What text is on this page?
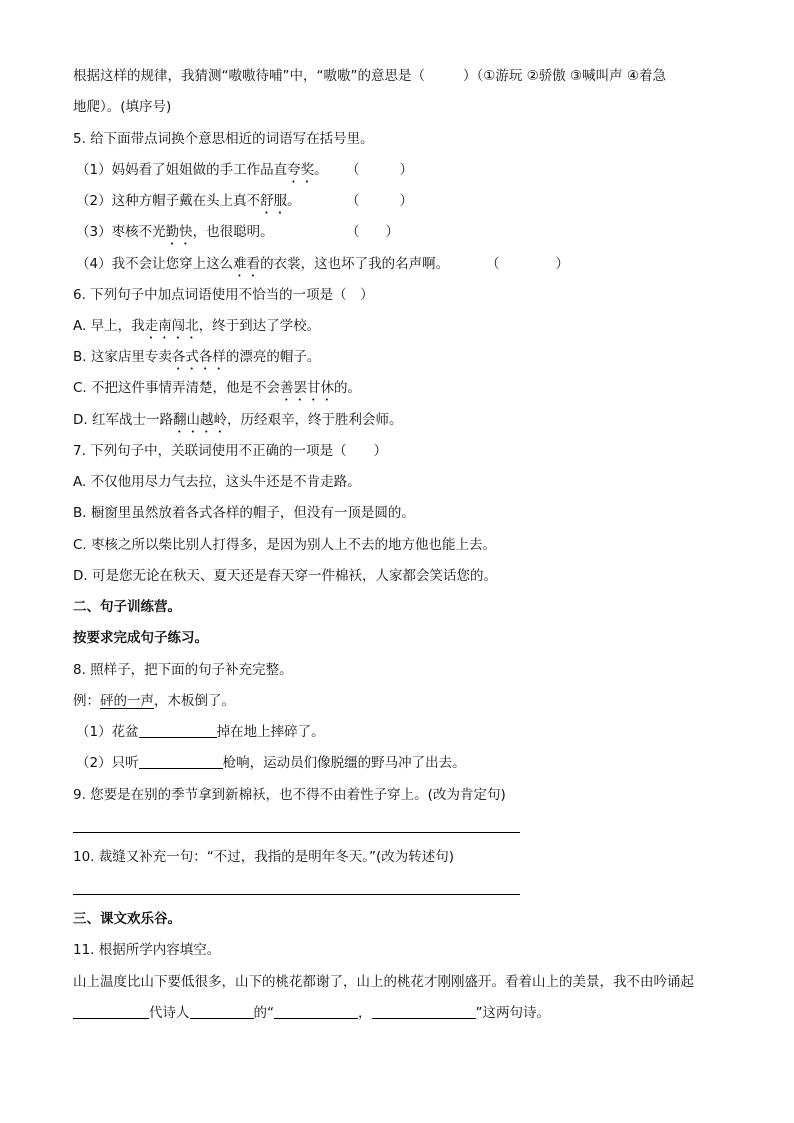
根据这样的规律，我猜测“嗷嗷待哺”中，“嗷嗷”的意思是（	）（①游玩 ②骄傲 ③喊叫声 ④着急
地爬）。(填序号)
5. 给下面带点词换个意思相近的词语写在括号里。
（1）妈妈看了姐姐做的手工作品直夸奖。 （	）
（2）这种方帽子戴在头上真不舒服。	（	）
（3）枣核不光勤快，也很聪明。	（ ）
（4）我不会让您穿上这么难看的衣裳，这也坏了我的名声啊。	（	）
6. 下列句子中加点词语使用不恰当的一项是（　）
A. 早上，我走南闯北，终于到达了学校。
B. 这家店里专卖各式各样的漂亮的帽子。
C. 不把这件事情弄清楚，他是不会善罢甘休的。
D. 红军战士一路翻山越岭，历经艰辛，终于胜利会师。
7. 下列句子中，关联词使用不正确的一项是（　　）
A. 不仅他用尽力气去拉，这头牛还是不肯走路。
B. 橱窗里虽然放着各式各样的帽子，但没有一顶是圆的。
C. 枣核之所以柴比别人打得多，是因为别人上不去的地方他也能上去。
D. 可是您无论在秋天、夏天还是春天穿一件棉袄，人家都会笑话您的。
二、句子训练营。
按要求完成句子练习。
8. 照样子，把下面的句子补充完整。
例：砰的一声，木板倒了。
（1）花盆	掉在地上摔碎了。
（2）只听	枪响，运动员们像脱缰的野马冲了出去。
9. 您要是在别的季节拿到新棉袄，也不得不由着性子穿上。(改为肯定句)
10. 裁缝又补充一句：“不过，我指的是明年冬天。”(改为转述句)
三、课文欢乐谷。
11. 根据所学内容填空。
山上温度比山下要低很多，山下的桃花都谢了，山上的桃花才刚刚盛开。看着山上的美景，我不由吟诵起
代诗人	的“	，	”这两句诗。
